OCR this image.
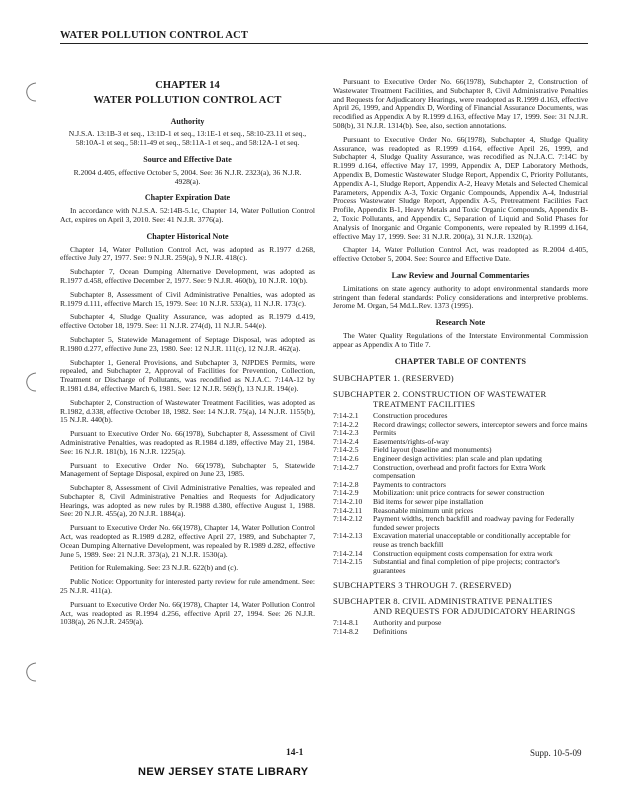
WATER POLLUTION CONTROL ACT
CHAPTER 14
WATER POLLUTION CONTROL ACT
Authority
N.J.S.A. 13:1B-3 et seq., 13:1D-1 et seq., 13:1E-1 et seq., 58:10-23.11 et seq., 58:10A-1 et seq., 58:11-49 et seq., 58:11A-1 et seq., and 58:12A-1 et seq.
Source and Effective Date
R.2004 d.405, effective October 5, 2004. See: 36 N.J.R. 2323(a), 36 N.J.R. 4928(a).
Chapter Expiration Date

In accordance with N.J.S.A. 52:14B-5.1c, Chapter 14, Water Pollution Control Act, expires on April 3, 2010. See: 41 N.J.R. 3776(a).

Chapter Historical Note

Chapter 14, Water Pollution Control Act, was adopted as R.1977 d.268, effective July 27, 1977. See: 9 N.J.R. 259(a), 9 N.J.R. 418(c).

Subchapter 7, Ocean Dumping Alternative Development, was adopted as R.1977 d.458, effective December 2, 1977. See: 9 N.J.R. 460(b), 10 N.J.R. 10(b).

Subchapter 8, Assessment of Civil Administrative Penalties, was adopted as R.1979 d.111, effective March 15, 1979. See: 10 N.J.R. 533(a), 11 N.J.R. 173(c).

Subchapter 4, Sludge Quality Assurance, was adopted as R.1979 d.419, effective October 18, 1979. See: 11 N.J.R. 274(d), 11 N.J.R. 544(e).

Subchapter 5, Statewide Management of Septage Disposal, was adopted as R.1980 d.277, effective June 23, 1980. See: 12 N.J.R. 111(c), 12 N.J.R. 462(a).

Subchapter 1, General Provisions, and Subchapter 3, NJPDES Permits, were repealed, and Subchapter 2, Approval of Facilities for Prevention, Collection, Treatment or Discharge of Pollutants, was recodified as N.J.A.C. 7:14A-12 by R.1981 d.84, effective March 6, 1981. See: 12 N.J.R. 569(f), 13 N.J.R. 194(e).

Subchapter 2, Construction of Wastewater Treatment Facilities, was adopted as R.1982, d.338, effective October 18, 1982. See: 14 N.J.R. 75(a), 14 N.J.R. 1155(b), 15 N.J.R. 440(b).

Pursuant to Executive Order No. 66(1978), Subchapter 8, Assessment of Civil Administrative Penalties, was readopted as R.1984 d.189, effective May 21, 1984. See: 16 N.J.R. 181(b), 16 N.J.R. 1225(a).

Pursuant to Executive Order No. 66(1978), Subchapter 5, Statewide Management of Septage Disposal, expired on June 23, 1985.

Subchapter 8, Assessment of Civil Administrative Penalties, was repealed and Subchapter 8, Civil Administrative Penalties and Requests for Adjudicatory Hearings, was adopted as new rules by R.1988 d.380, effective August 1, 1988. See: 20 N.J.R. 455(a), 20 N.J.R. 1884(a).

Pursuant to Executive Order No. 66(1978), Chapter 14, Water Pollution Control Act, was readopted as R.1989 d.282, effective April 27, 1989, and Subchapter 7, Ocean Dumping Alternative Development, was repealed by R.1989 d.282, effective June 5, 1989. See: 21 N.J.R. 373(a), 21 N.J.R. 1530(a).

Petition for Rulemaking. See: 23 N.J.R. 622(b) and (c).

Public Notice: Opportunity for interested party review for rule amendment. See: 25 N.J.R. 411(a).

Pursuant to Executive Order No. 66(1978), Chapter 14, Water Pollution Control Act, was readopted as R.1994 d.256, effective April 27, 1994. See: 26 N.J.R. 1038(a), 26 N.J.R. 2459(a).

Pursuant to Executive Order No. 66(1978), Subchapter 2, Construction of Wastewater Treatment Facilities, and Subchapter 8, Civil Administrative Penalties and Requests for Adjudicatory Hearings, were readopted as R.1999 d.163, effective April 26, 1999, and Appendix D, Wording of Financial Assurance Documents, was recodified as Appendix A by R.1999 d.163, effective May 17, 1999. See: 31 N.J.R. 508(b), 31 N.J.R. 1314(b). See, also, section annotations.

Pursuant to Executive Order No. 66(1978), Subchapter 4, Sludge Quality Assurance, was readopted as R.1999 d.164, effective April 26, 1999, and Subchapter 4, Sludge Quality Assurance, was recodified as N.J.A.C. 7:14C by R.1999 d.164, effective May 17, 1999, Appendix A, DEP Laboratory Methods, Appendix B, Domestic Wastewater Sludge Report, Appendix C, Priority Pollutants, Appendix A-1, Sludge Report, Appendix A-2, Heavy Metals and Selected Chemical Parameters, Appendix A-3, Toxic Organic Compounds, Appendix A-4, Industrial Process Wastewater Sludge Report, Appendix A-5, Pretreatment Facilities Fact Profile, Appendix B-1, Heavy Metals and Toxic Organic Compounds, Appendix B-2, Toxic Pollutants, and Appendix C, Separation of Liquid and Solid Phases for Analysis of Inorganic and Organic Components, were repealed by R.1999 d.164, effective May 17, 1999. See: 31 N.J.R. 200(a), 31 N.J.R. 1320(a).

Chapter 14, Water Pollution Control Act, was readopted as R.2004 d.405, effective October 5, 2004. See: Source and Effective Date.

Law Review and Journal Commentaries

Limitations on state agency authority to adopt environmental standards more stringent than federal standards: Policy considerations and interpretive problems. Jerome M. Organ, 54 Md.L.Rev. 1373 (1995).

Research Note

The Water Quality Regulations of the Interstate Environmental Commission appear as Appendix A to Title 7.

CHAPTER TABLE OF CONTENTS
SUBCHAPTER 1. (RESERVED)
SUBCHAPTER 2. CONSTRUCTION OF WASTEWATER
TREATMENT FACILITIES
7:14-2.1	Construction procedures
7:14-2.2	Record drawings; collector sewers, interceptor sewers and force mains
7:14-2.3	Permits
7:14-2.4	Easements/rights-of-way
7:14-2.5	Field layout (baseline and monuments)
7:14-2.6	Engineer design activities: plan scale and plan updating
7:14-2.7	Construction, overhead and profit factors for Extra Work compensation
7:14-2.8	Payments to contractors
7:14-2.9	Mobilization: unit price contracts for sewer construction
7:14-2.10	Bid items for sewer pipe installation
7:14-2.11	Reasonable minimum unit prices
7:14-2.12	Payment widths, trench backfill and roadway paving for Federally funded sewer projects
7:14-2.13	Excavation material unacceptable or conditionally acceptable for reuse as trench backfill
7:14-2.14	Construction equipment costs compensation for extra work
7:14-2.15	Substantial and final completion of pipe projects; contractor's guarantees
SUBCHAPTERS 3 THROUGH 7. (RESERVED)
SUBCHAPTER 8. CIVIL ADMINISTRATIVE PENALTIES
AND REQUESTS FOR ADJUDICATORY HEARINGS
7:14-8.1	Authority and purpose
7:14-8.2	Definitions
14-1	Supp. 10-5-09
NEW JERSEY STATE LIBRARY
